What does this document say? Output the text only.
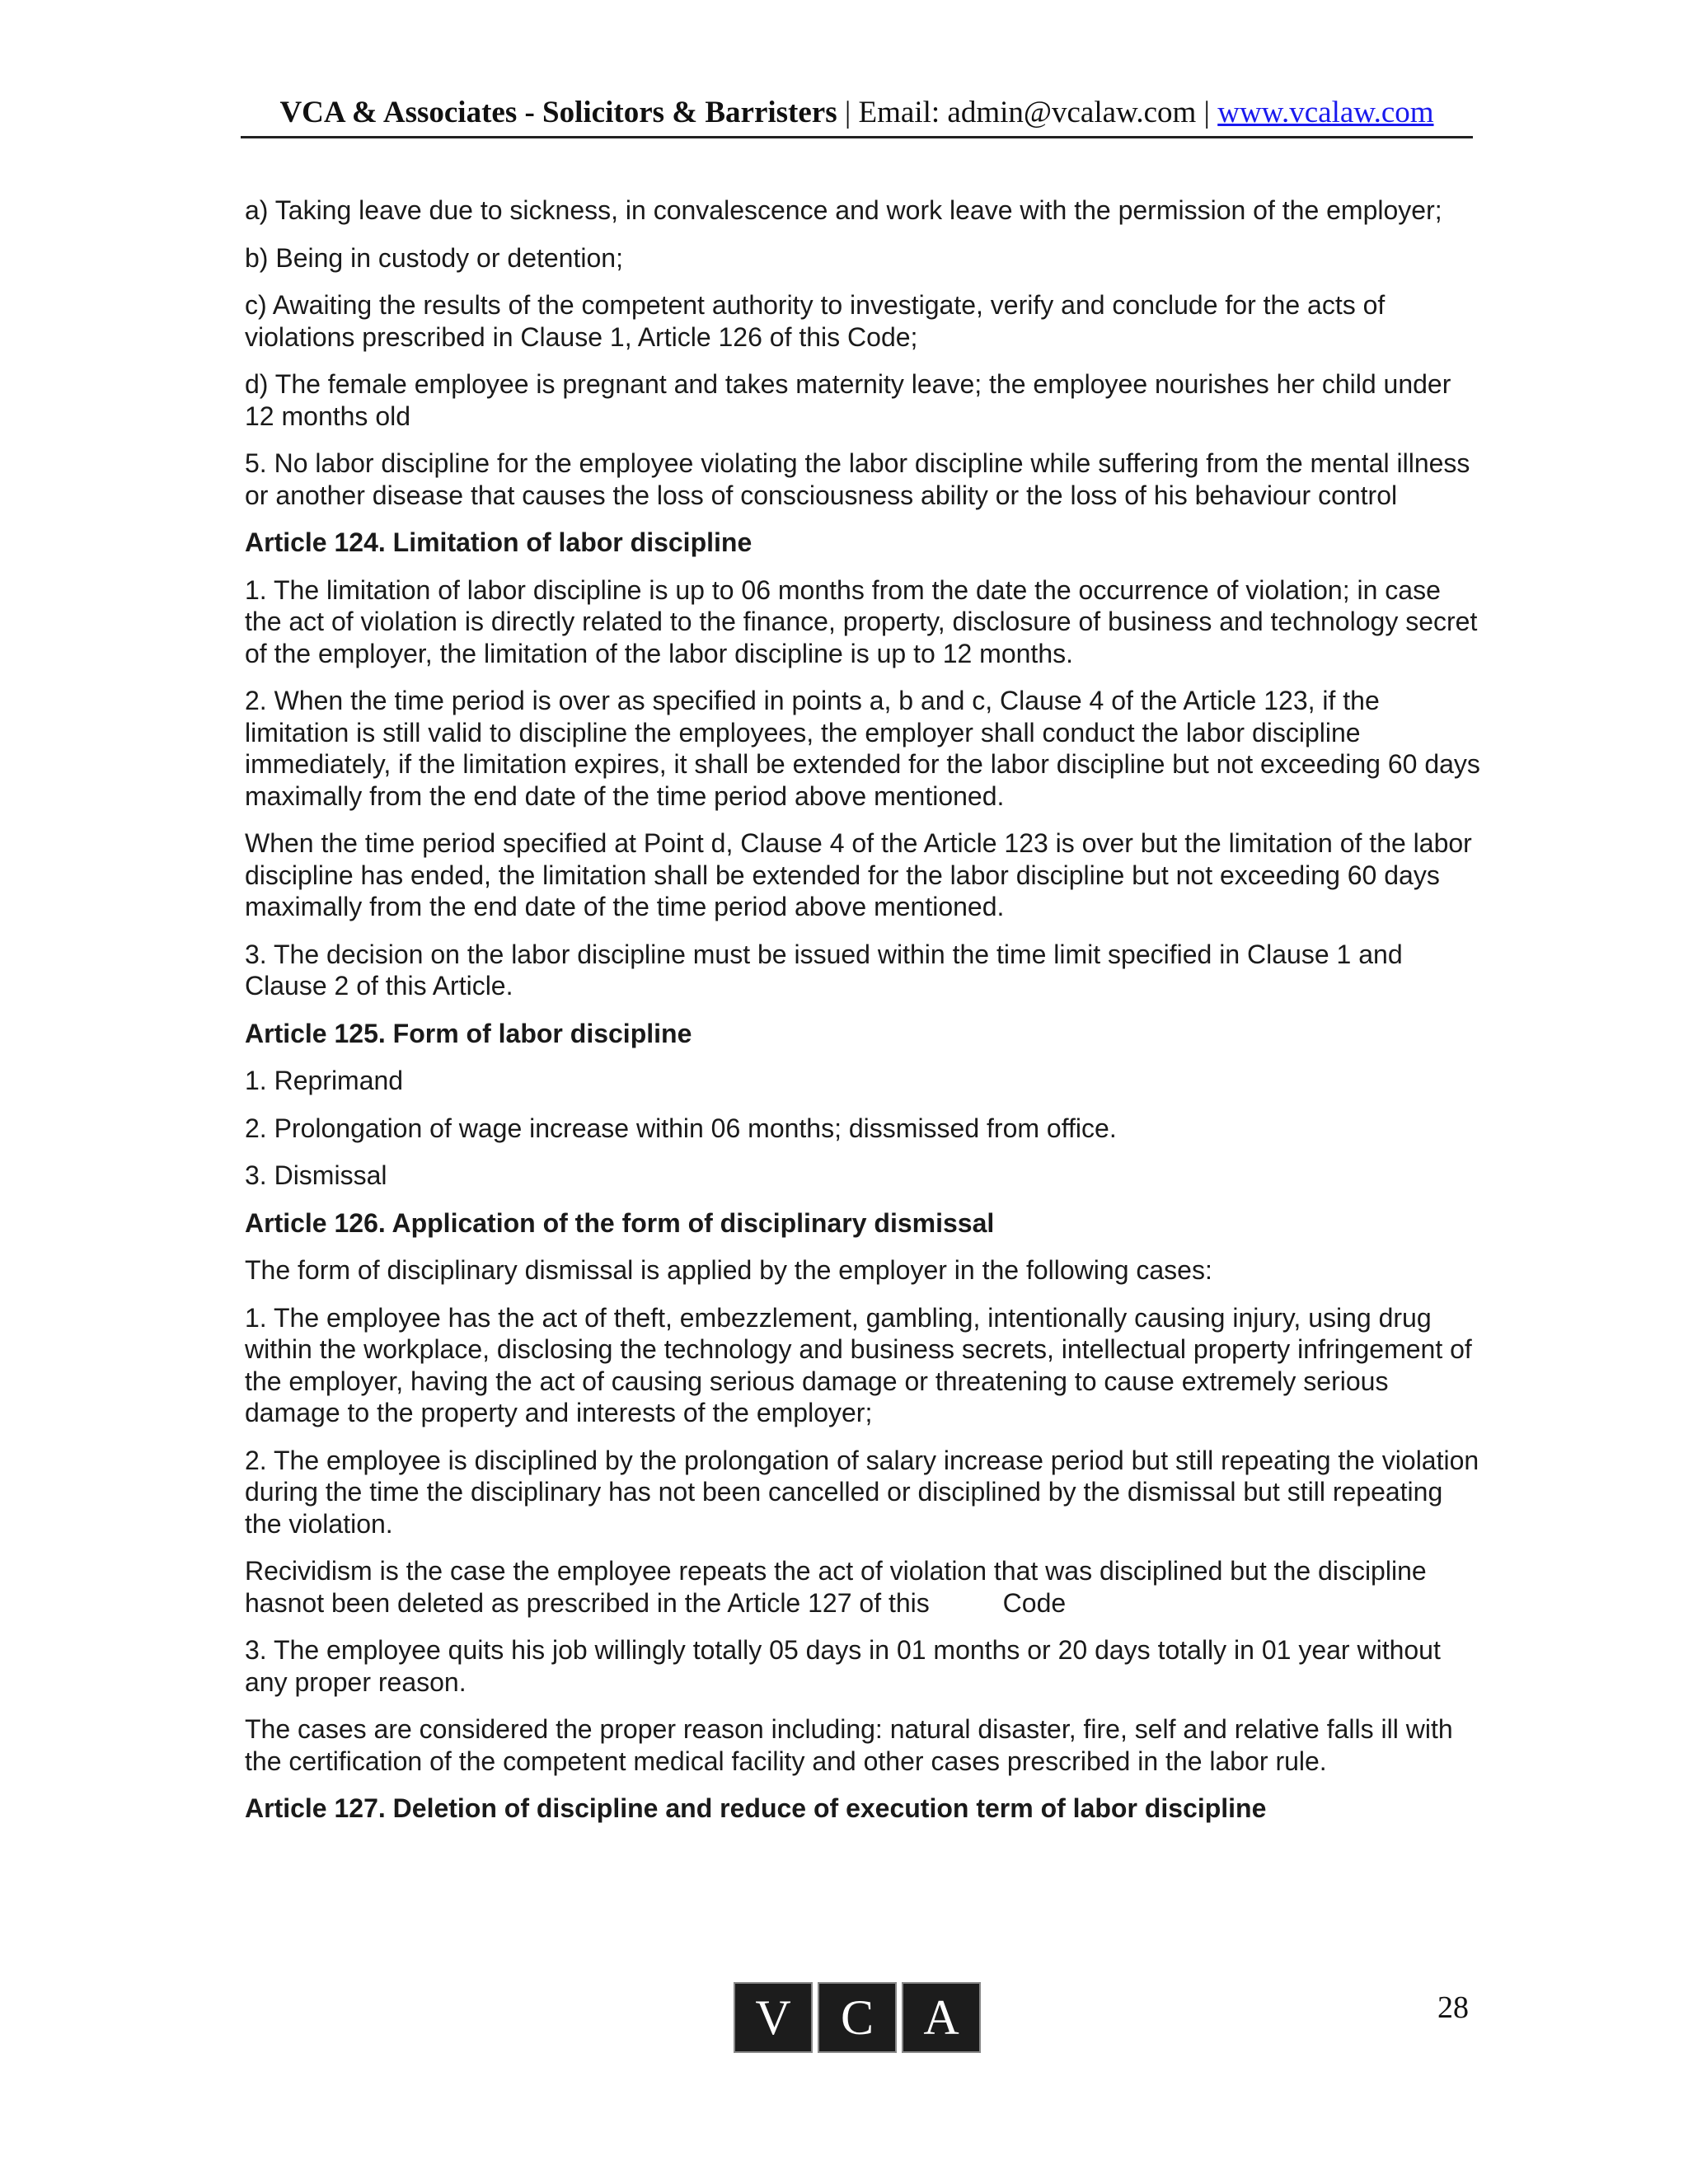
VCA & Associates - Solicitors & Barristers | Email: admin@vcalaw.com | www.vcalaw.com

a) Taking leave due to sickness, in convalescence and work leave with the permission of the employer;

b) Being in custody or detention;

c) Awaiting the results of the competent authority to investigate, verify and conclude for the acts of violations prescribed in Clause 1, Article 126 of this Code;

d) The female employee is pregnant and takes maternity leave; the employee nourishes her child under 12 months old

5. No labor discipline for the employee violating the labor discipline while suffering from the mental illness or another disease that causes the loss of consciousness ability or the loss of his behaviour control

Article 124. Limitation of labor discipline

1. The limitation of labor discipline is up to 06 months from the date the occurrence of violation; in case the act of violation is directly related to the finance, property, disclosure of business and technology secret of the employer, the limitation of the labor discipline is up to 12 months.

2. When the time period is over as specified in points a, b and c, Clause 4 of the Article 123, if the limitation is still valid to discipline the employees, the employer shall conduct the labor discipline immediately, if the limitation expires, it shall be extended for the labor discipline but not exceeding 60 days maximally from the end date of the time period above mentioned.

When the time period specified at Point d, Clause 4 of the Article 123 is over but the limitation of the labor discipline has ended, the limitation shall be extended for the labor discipline but not exceeding 60 days maximally from the end date of the time period above mentioned.

3. The decision on the labor discipline must be issued within the time limit specified in Clause 1 and Clause 2 of this Article.

Article 125. Form of labor discipline

1. Reprimand

2. Prolongation of wage increase within 06 months; dissmissed from office.

3. Dismissal

Article 126. Application of the form of disciplinary dismissal

The form of disciplinary dismissal is applied by the employer in the following cases:

1. The employee has the act of theft, embezzlement, gambling, intentionally causing injury, using drug within the workplace, disclosing the technology and business secrets, intellectual property infringement of the employer, having the act of causing serious damage or threatening to cause extremely serious damage to the property and interests of the employer;

2. The employee is disciplined by the prolongation of salary increase period but still repeating the violation during the time the disciplinary has not been cancelled or disciplined by the dismissal but still repeating the violation.

Recividism is the case the employee repeats the act of violation that was disciplined but the discipline hasnot been deleted as prescribed in the Article 127 of this          Code

3. The employee quits his job willingly totally 05 days in 01 months or 20 days totally in 01 year without any proper reason.

The cases are considered the proper reason including: natural disaster, fire, self and relative falls ill with the certification of the competent medical facility and other cases prescribed in the labor rule.

Article 127. Deletion of discipline and reduce of execution term of labor discipline

V	C	A	28
